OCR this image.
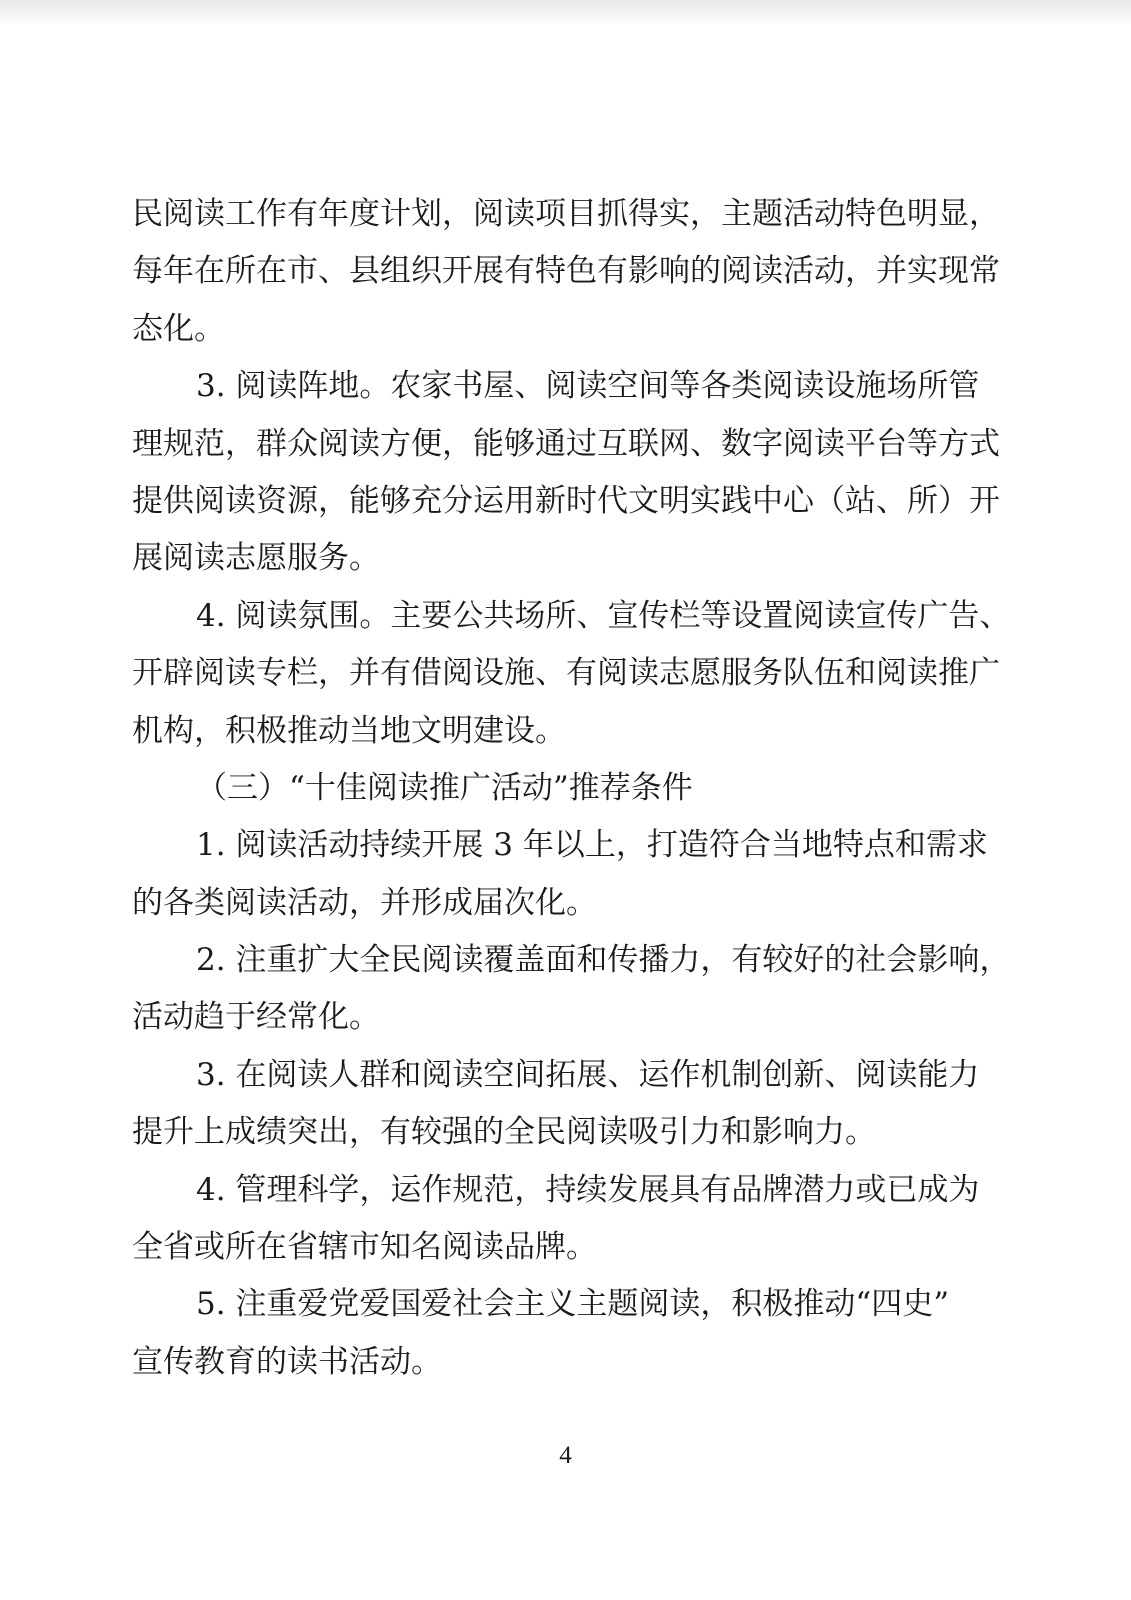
民 阅 读 工 作 有 年 度 计 划 ， 阅 读 项 目 抓 得 实 ， 主 题 活 动 特 色 明 显 ，
每 年 在 所 在 市 、 县 组 织 开 展 有 特 色 有 影 响 的 阅 读 活 动 ， 并 实 现 常
态化。
3. 阅读阵地。农家书屋、阅读空间等各类阅读设施场所管
理 规 范 ， 群 众 阅 读 方 便 ， 能 够 通 过 互 联 网 、 数 字 阅 读 平 台 等 方 式
提 供 阅 读 资 源 ， 能 够 充 分 运 用 新 时 代 文 明 实 践 中 心 （ 站 、 所 ） 开
展阅读志愿服务。
4. 阅读氛围。主要公共场所、宣传栏等设置阅读宣传广告、
开 辟 阅 读 专 栏 ， 并 有 借 阅 设 施 、 有 阅 读 志 愿 服 务 队 伍 和 阅 读 推 广
机构，积极推动当地文明建设。
（三）“十佳阅读推广活动”推荐条件
1. 阅读活动持续开展 3 年以上，打造符合当地特点和需求
的各类阅读活动，并形成届次化。
2. 注重扩大全民阅读覆盖面和传播力，有较好的社会影响，
活动趋于经常化。
3. 在阅读人群和阅读空间拓展、运作机制创新、阅读能力
提升上成绩突出，有较强的全民阅读吸引力和影响力。
4. 管理科学，运作规范，持续发展具有品牌潜力或已成为
全省或所在省辖市知名阅读品牌。
5. 注重爱党爱国爱社会主义主题阅读，积极推动“四史”
宣传教育的读书活动。
4
